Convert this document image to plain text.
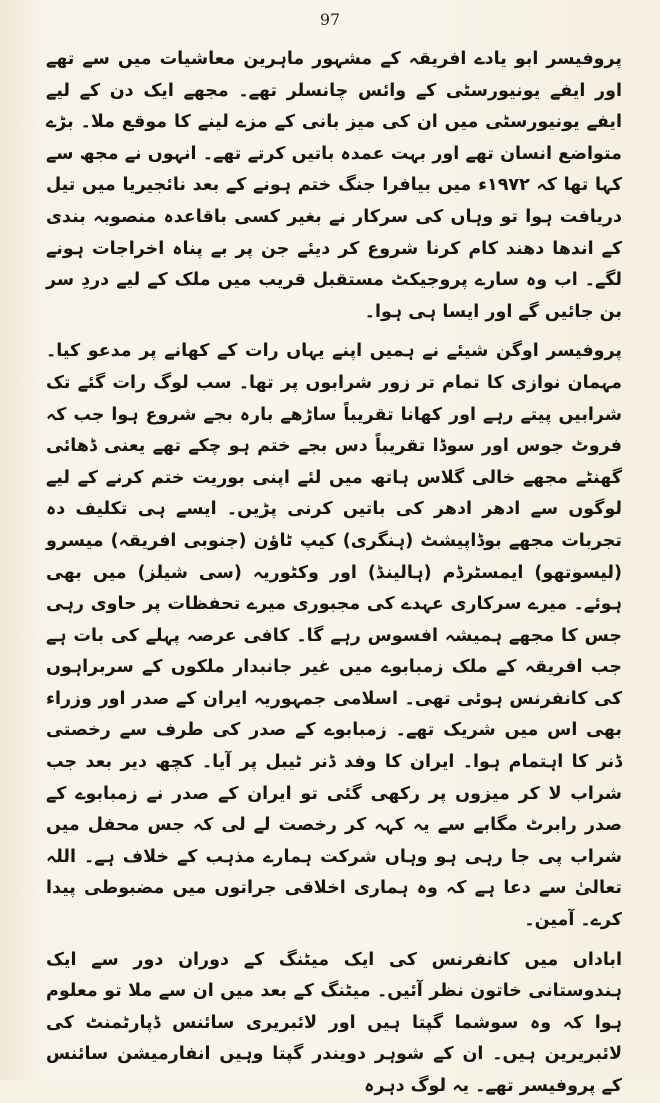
97

پروفیسر ابو یادے افریقہ کے مشہور ماہرین معاشیات میں سے تھے اور ایفے یونیورسٹی کے وائس چانسلر تھے۔ مجھے ایک دن کے لیے ایفے یونیورسٹی میں ان کی میز بانی کے مزے لینے کا موقع ملا۔ بڑے متواضع انسان تھے اور بہت عمدہ باتیں کرتے تھے۔ انہوں نے مجھ سے کہا تھا کہ ۱۹۷۲ء میں بیافرا جنگ ختم ہونے کے بعد نائجیریا میں تیل دریافت ہوا تو وہاں کی سرکار نے بغیر کسی باقاعدہ منصوبہ بندی کے اندھا دھند کام کرنا شروع کر دیئے جن پر بے پناہ اخراجات ہونے لگے۔ اب وہ سارے پروجیکٹ مستقبل قریب میں ملک کے لیے دردِ سر بن جائیں گے اور ایسا ہی ہوا۔

پروفیسر اوگن شیئے نے ہمیں اپنے یہاں رات کے کھانے پر مدعو کیا۔ مہمان نوازی کا تمام تر زور شرابوں پر تھا۔ سب لوگ رات گئے تک شرابیں پیتے رہے اور کھانا تقریباً ساڑھے بارہ بجے شروع ہوا جب کہ فروٹ جوس اور سوڈا تقریباً دس بجے ختم ہو چکے تھے یعنی ڈھائی گھنٹے مجھے خالی گلاس ہاتھ میں لئے اپنی بوریت ختم کرنے کے لیے لوگوں سے ادھر ادھر کی باتیں کرنی پڑیں۔ ایسے ہی تکلیف دہ تجربات مجھے بوڈاپیشٹ (ہنگری) کیپ ٹاؤن (جنوبی افریقہ) میسرو (لیسوتھو) ایمسٹرڈم (ہالینڈ) اور وکٹوریہ (سی شیلز) میں بھی ہوئے۔ میرے سرکاری عہدے کی مجبوری میرے تحفظات پر حاوی رہی جس کا مجھے ہمیشہ افسوس رہے گا۔ کافی عرصہ پہلے کی بات ہے جب افریقہ کے ملک زمبابوے میں غیر جانبدار ملکوں کے سربراہوں کی کانفرنس ہوئی تھی۔ اسلامی جمہوریہ ایران کے صدر اور وزراء بھی اس میں شریک تھے۔ زمبابوے کے صدر کی طرف سے رخصتی ڈنر کا اہتمام ہوا۔ ایران کا وفد ڈنر ٹیبل پر آیا۔ کچھ دیر بعد جب شراب لا کر میزوں پر رکھی گئی تو ایران کے صدر نے زمبابوے کے صدر رابرٹ مگابے سے یہ کہہ کر رخصت لے لی کہ جس محفل میں شراب پی جا رہی ہو وہاں شرکت ہمارے مذہب کے خلاف ہے۔ اللہ تعالیٰ سے دعا ہے کہ وہ ہماری اخلاقی جراتوں میں مضبوطی پیدا کرے۔ آمین۔

اباداں میں کانفرنس کی ایک میٹنگ کے دوران دور سے ایک ہندوستانی خاتون نظر آئیں۔ میٹنگ کے بعد میں ان سے ملا تو معلوم ہوا کہ وہ سوشما گپتا ہیں اور لائبریری سائنس ڈپارٹمنٹ کی لائبریرین ہیں۔ ان کے شوہر دویندر گپتا وہیں انفارمیشن سائنس کے پروفیسر تھے۔ یہ لوگ دہرہ
